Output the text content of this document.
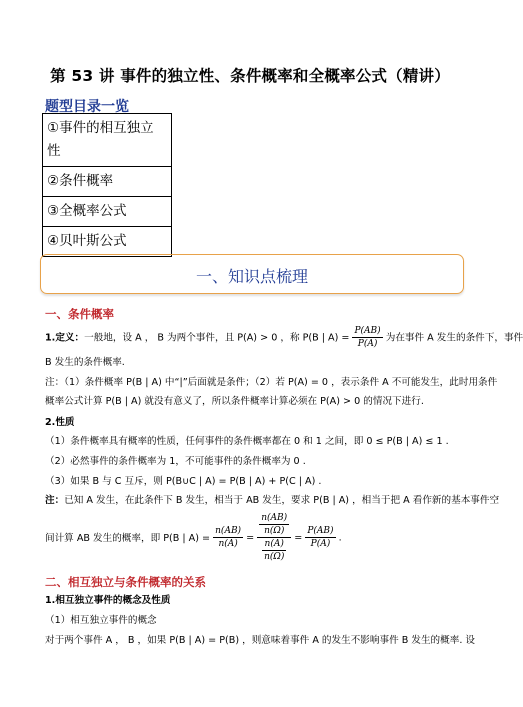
第 53 讲 事件的独立性、条件概率和全概率公式（精讲）
题型目录一览
①事件的相互独立性
②条件概率
③全概率公式
④贝叶斯公式
一、知识点梳理
一、条件概率
1.定义：一般地，设 A ， B 为两个事件，且 P(A) > 0 ，称 P(B | $A) = \frac{P(AB)}{P(A)}$ 为在事件 A 发生的条件下，事件
B 发生的条件概率.
注：（1）条件概率 P(B | A) 中“|”后面就是条件；（2）若 P(A) = 0 ，表示条件 A 不可能发生，此时用条件
概率公式计算 P(B | A) 就没有意义了，所以条件概率计算必须在 P(A) > 0 的情况下进行.
2.性质
（1）条件概率具有概率的性质，任何事件的条件概率都在 0 和 1 之间，即 0 ≤ P(B | A) ≤ 1 .
（2）必然事件的条件概率为 1，不可能事件的条件概率为 0 .
（3）如果 B 与 C 互斥，则 P(B∪C | A) = P(B | A) + P(C | A) .
注：已知 A 发生，在此条件下 B 发生，相当于 AB 发生，要求 P(B | A) ，相当于把 A 看作新的基本事件空
间计算 AB 发生的概率，即 P(B | $A) = \frac{n(AB)}{n(A)} = \frac{\frac{n(AB)}{n(\Omega)}}{\frac{n(A)}{n(\Omega)}} = \frac{P(AB)}{P(A)}$ .
二、相互独立与条件概率的关系
1.相互独立事件的概念及性质
（1）相互独立事件的概念
对于两个事件 A ， B ，如果 P(B | A) = P(B) ，则意味着事件 A 的发生不影响事件 B 发生的概率. 设
